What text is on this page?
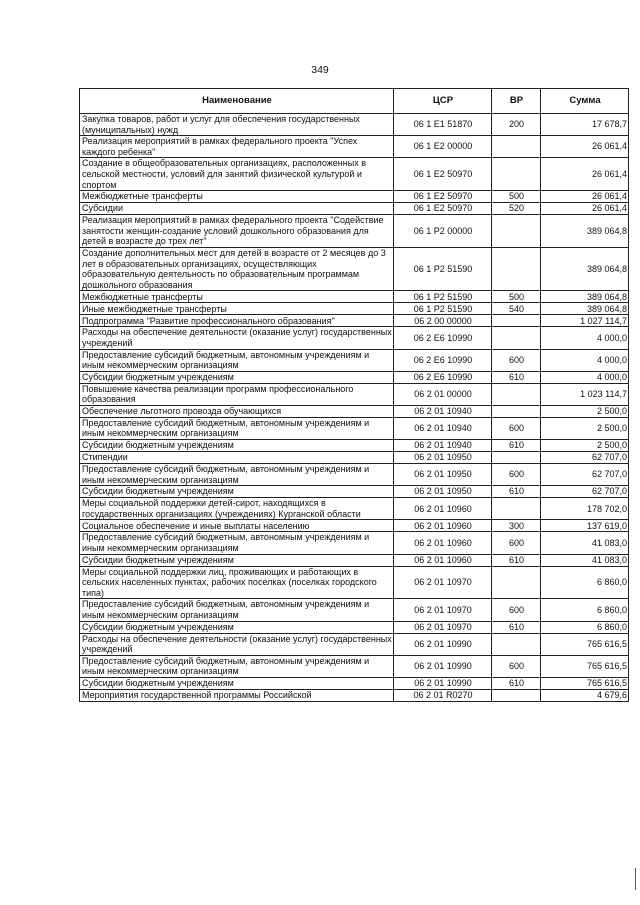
349
Наименование	ЦСР	ВР	Сумма
Закупка товаров, работ и услуг для обеспечения государственных (муниципальных) нужд	06 1 E1 51870	200	17 678,7
Реализация мероприятий в рамках федерального проекта "Успех каждого ребенка"	06 1 E2 00000		26 061,4
Создание в общеобразовательных организациях, расположенных в сельской местности, условий для занятий физической культурой и спортом	06 1 E2 50970		26 061,4
Межбюджетные трансферты	06 1 E2 50970	500	26 061,4
Субсидии	06 1 E2 50970	520	26 061,4
Реализация мероприятий в рамках федерального проекта "Содействие занятости женщин-создание условий дошкольного образования для детей в возрасте до трех лет"	06 1 P2 00000		389 064,8
Создание дополнительных мест для детей в возрасте от 2 месяцев до 3 лет в образовательных организациях, осуществляющих образовательную деятельность по образовательным программам дошкольного образования	06 1 P2 51590		389 064,8
Межбюджетные трансферты	06 1 P2 51590	500	389 064,8
Иные межбюджетные трансферты	06 1 P2 51590	540	389 064,8
Подпрограмма "Развитие профессионального образования"	06 2 00 00000		1 027 114,7
Расходы на обеспечение деятельности (оказание услуг) государственных учреждений	06 2 E6 10990		4 000,0
Предоставление субсидий бюджетным, автономным учреждениям и иным некоммерческим организациям	06 2 E6 10990	600	4 000,0
Субсидии бюджетным учреждениям	06 2 E6 10990	610	4 000,0
Повышение качества реализации программ профессионального образования	06 2 01 00000		1 023 114,7
Обеспечение льготного провозда обучающихся	06 2 01 10940		2 500,0
Предоставление субсидий бюджетным, автономным учреждениям и иным некоммерческим организациям	06 2 01 10940	600	2 500,0
Субсидии бюджетным учреждениям	06 2 01 10940	610	2 500,0
Стипендии	06 2 01 10950		62 707,0
Предоставление субсидий бюджетным, автономным учреждениям и иным некоммерческим организациям	06 2 01 10950	600	62 707,0
Субсидии бюджетным учреждениям	06 2 01 10950	610	62 707,0
Меры социальной поддержки детей-сирот, находящихся в государственных организациях (учреждениях) Курганской области	06 2 01 10960		178 702,0
Социальное обеспечение и иные выплаты населению	06 2 01 10960	300	137 619,0
Предоставление субсидий бюджетным, автономным учреждениям и иным некоммерческим организациям	06 2 01 10960	600	41 083,0
Субсидии бюджетным учреждениям	06 2 01 10960	610	41 083,0
Меры социальной поддержки лиц, проживающих и работающих в сельских населенных пунктах, рабочих поселках (поселках городского типа)	06 2 01 10970		6 860,0
Предоставление субсидий бюджетным, автономным учреждениям и иным некоммерческим организациям	06 2 01 10970	600	6 860,0
Субсидии бюджетным учреждениям	06 2 01 10970	610	6 860,0
Расходы на обеспечение деятельности (оказание услуг) государственных учреждений	06 2 01 10990		765 616,5
Предоставление субсидий бюджетным, автономным учреждениям и иным некоммерческим организациям	06 2 01 10990	600	765 616,5
Субсидии бюджетным учреждениям	06 2 01 10990	610	765 616,5
Мероприятия государственной программы Российской	06 2 01 R0270		4 679,6
